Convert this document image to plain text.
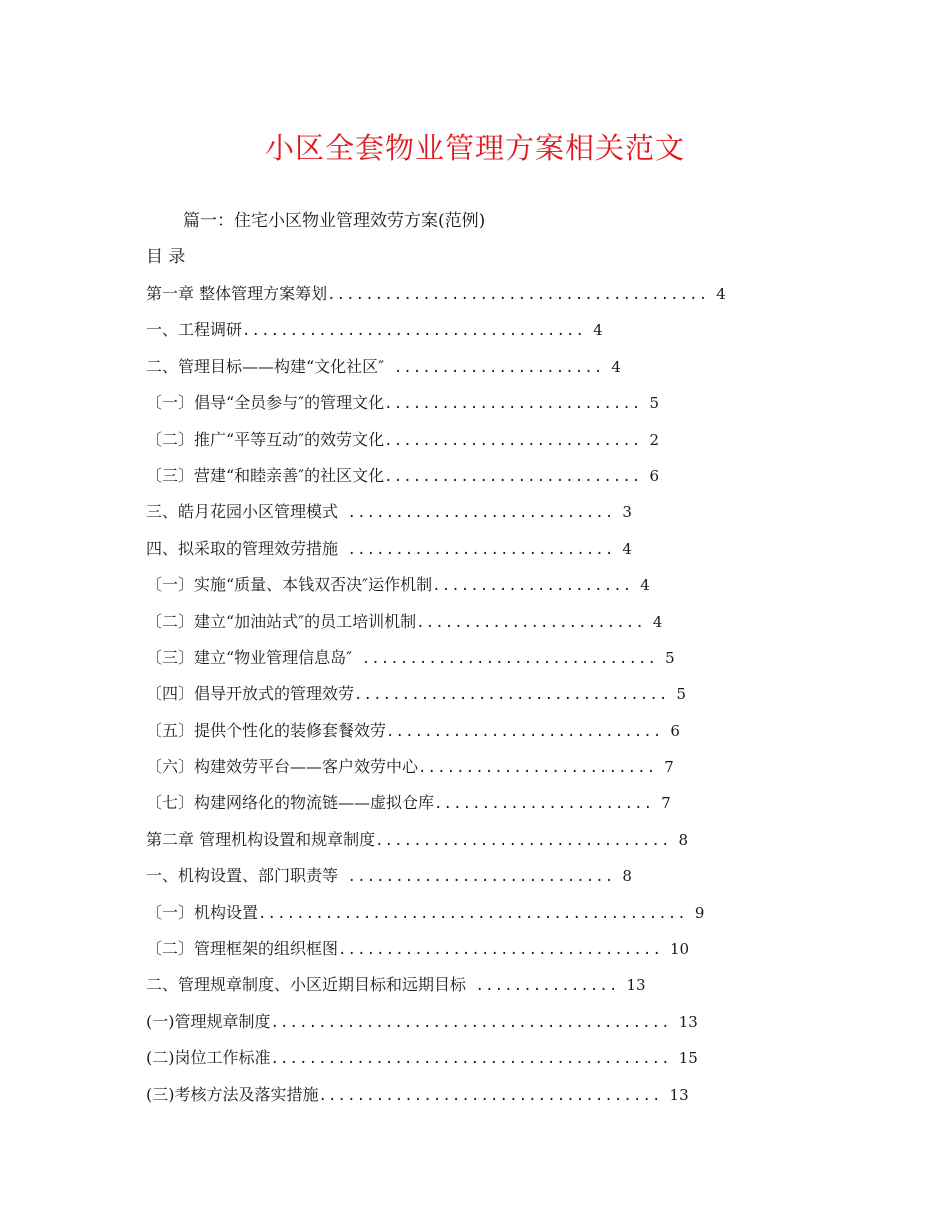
小区全套物业管理方案相关范文
篇一：住宅小区物业管理效劳方案(范例)
目 录
第一章 整体管理方案筹划........................................ 4
一、工程调研.................................... 4
二、管理目标——构建“文化社区″ ...................... 4
〔一〕倡导“全员参与″的管理文化........................... 5
〔二〕推广“平等互动″的效劳文化........................... 2
〔三〕营建“和睦亲善″的社区文化........................... 6
三、皓月花园小区管理模式 ............................ 3
四、拟采取的管理效劳措施 ............................ 4
〔一〕实施“质量、本钱双否决″运作机制..................... 4
〔二〕建立“加油站式″的员工培训机制........................ 4
〔三〕建立“物业管理信息岛″ ............................... 5
〔四〕倡导开放式的管理效劳................................. 5
〔五〕提供个性化的装修套餐效劳............................. 6
〔六〕构建效劳平台——客户效劳中心......................... 7
〔七〕构建网络化的物流链——虚拟仓库....................... 7
第二章 管理机构设置和规章制度............................... 8
一、机构设置、部门职责等 ............................ 8
〔一〕机构设置............................................. 9
〔二〕管理框架的组织框图.................................. 10
二、管理规章制度、小区近期目标和远期目标 ............... 13
(一)管理规章制度.......................................... 13
(二)岗位工作标准.......................................... 15
(三)考核方法及落实措施.................................... 13
